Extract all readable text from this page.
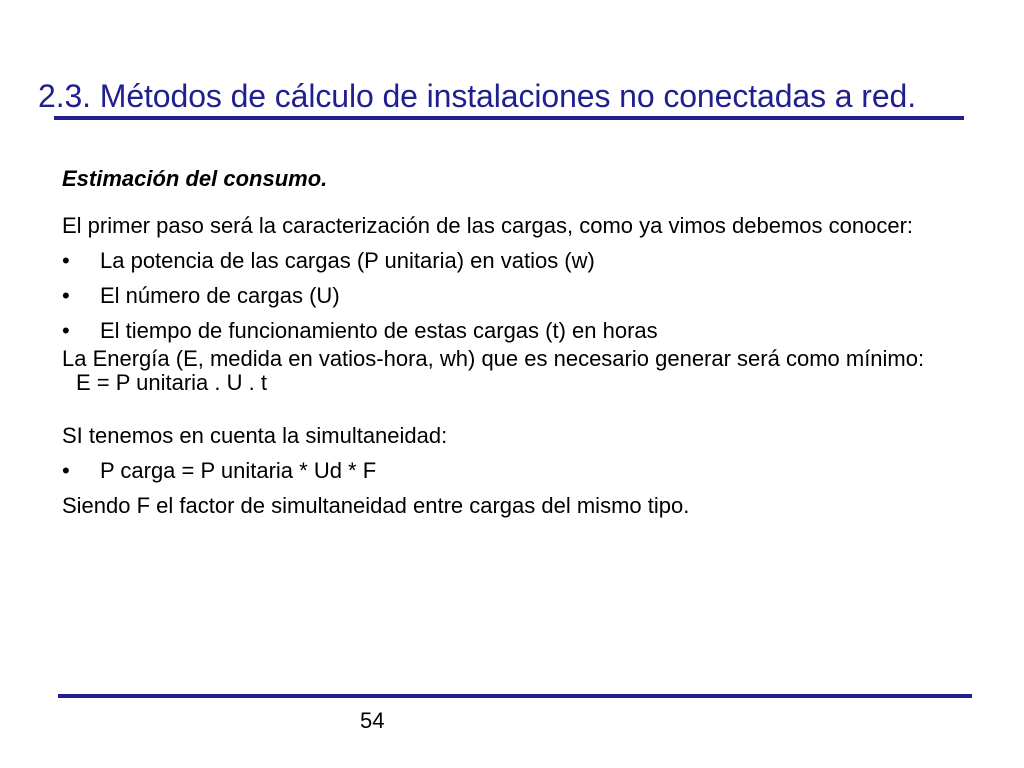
2.3. Métodos de cálculo de instalaciones no conectadas a red.
Estimación del consumo.
El primer paso será la caracterización de las cargas, como ya vimos debemos conocer:
• La potencia de las cargas (P unitaria) en vatios (w)
• El número de cargas (U)
• El tiempo de funcionamiento de estas cargas (t) en horas
La Energía (E, medida en vatios-hora, wh) que es necesario generar será como mínimo:E = P unitaria . U . t
SI tenemos en cuenta la simultaneidad:
• P carga = P unitaria * Ud * F
Siendo F el factor de simultaneidad entre cargas del mismo tipo.
54
